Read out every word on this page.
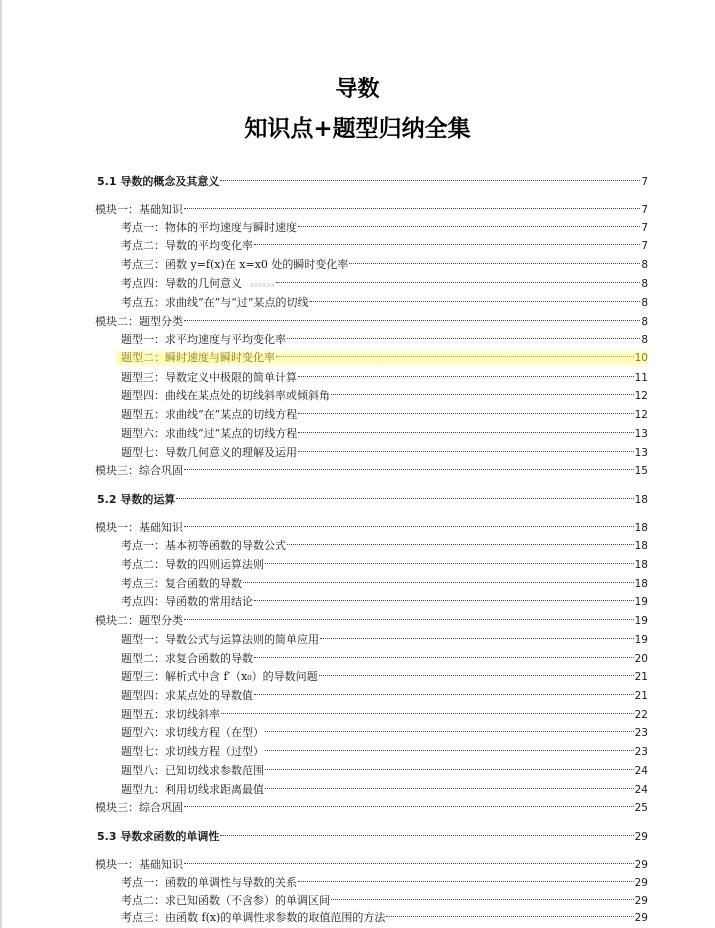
导数
知识点+题型归纳全集
5.1 导数的概念及其意义	7
模块一：基础知识	7
考点一：物体的平均速度与瞬时速度	7
考点二：导数的平均变化率	7
考点三：函数 y=f(x)在 x=x0 处的瞬时变化率	8
考点四：导数的几何意义 xxxxxx	8
考点五：求曲线“在”与“过”某点的切线	8
模块二：题型分类	8
题型一：求平均速度与平均变化率	8
题型二：瞬时速度与瞬时变化率	10
题型三：导数定义中极限的简单计算	11
题型四：曲线在某点处的切线斜率或倾斜角	12
题型五：求曲线“在”某点的切线方程	12
题型六：求曲线“过”某点的切线方程	13
题型七：导数几何意义的理解及运用	13
模块三：综合巩固	15
5.2 导数的运算	18
模块一：基础知识	18
考点一：基本初等函数的导数公式	18
考点二：导数的四则运算法则	18
考点三：复合函数的导数	18
考点四：导函数的常用结论	19
模块二：题型分类	19
题型一：导数公式与运算法则的简单应用	19
题型二：求复合函数的导数	20
题型三：解析式中含 f′（x₀）的导数问题	21
题型四：求某点处的导数值	21
题型五：求切线斜率	22
题型六：求切线方程（在型）	23
题型七：求切线方程（过型）	23
题型八：已知切线求参数范围	24
题型九：利用切线求距离最值	24
模块三：综合巩固	25
5.3 导数求函数的单调性	29
模块一：基础知识	29
考点一：函数的单调性与导数的关系	29
考点二：求已知函数（不含参）的单调区间	29
考点三：由函数 f(x)的单调性求参数的取值范围的方法	29
